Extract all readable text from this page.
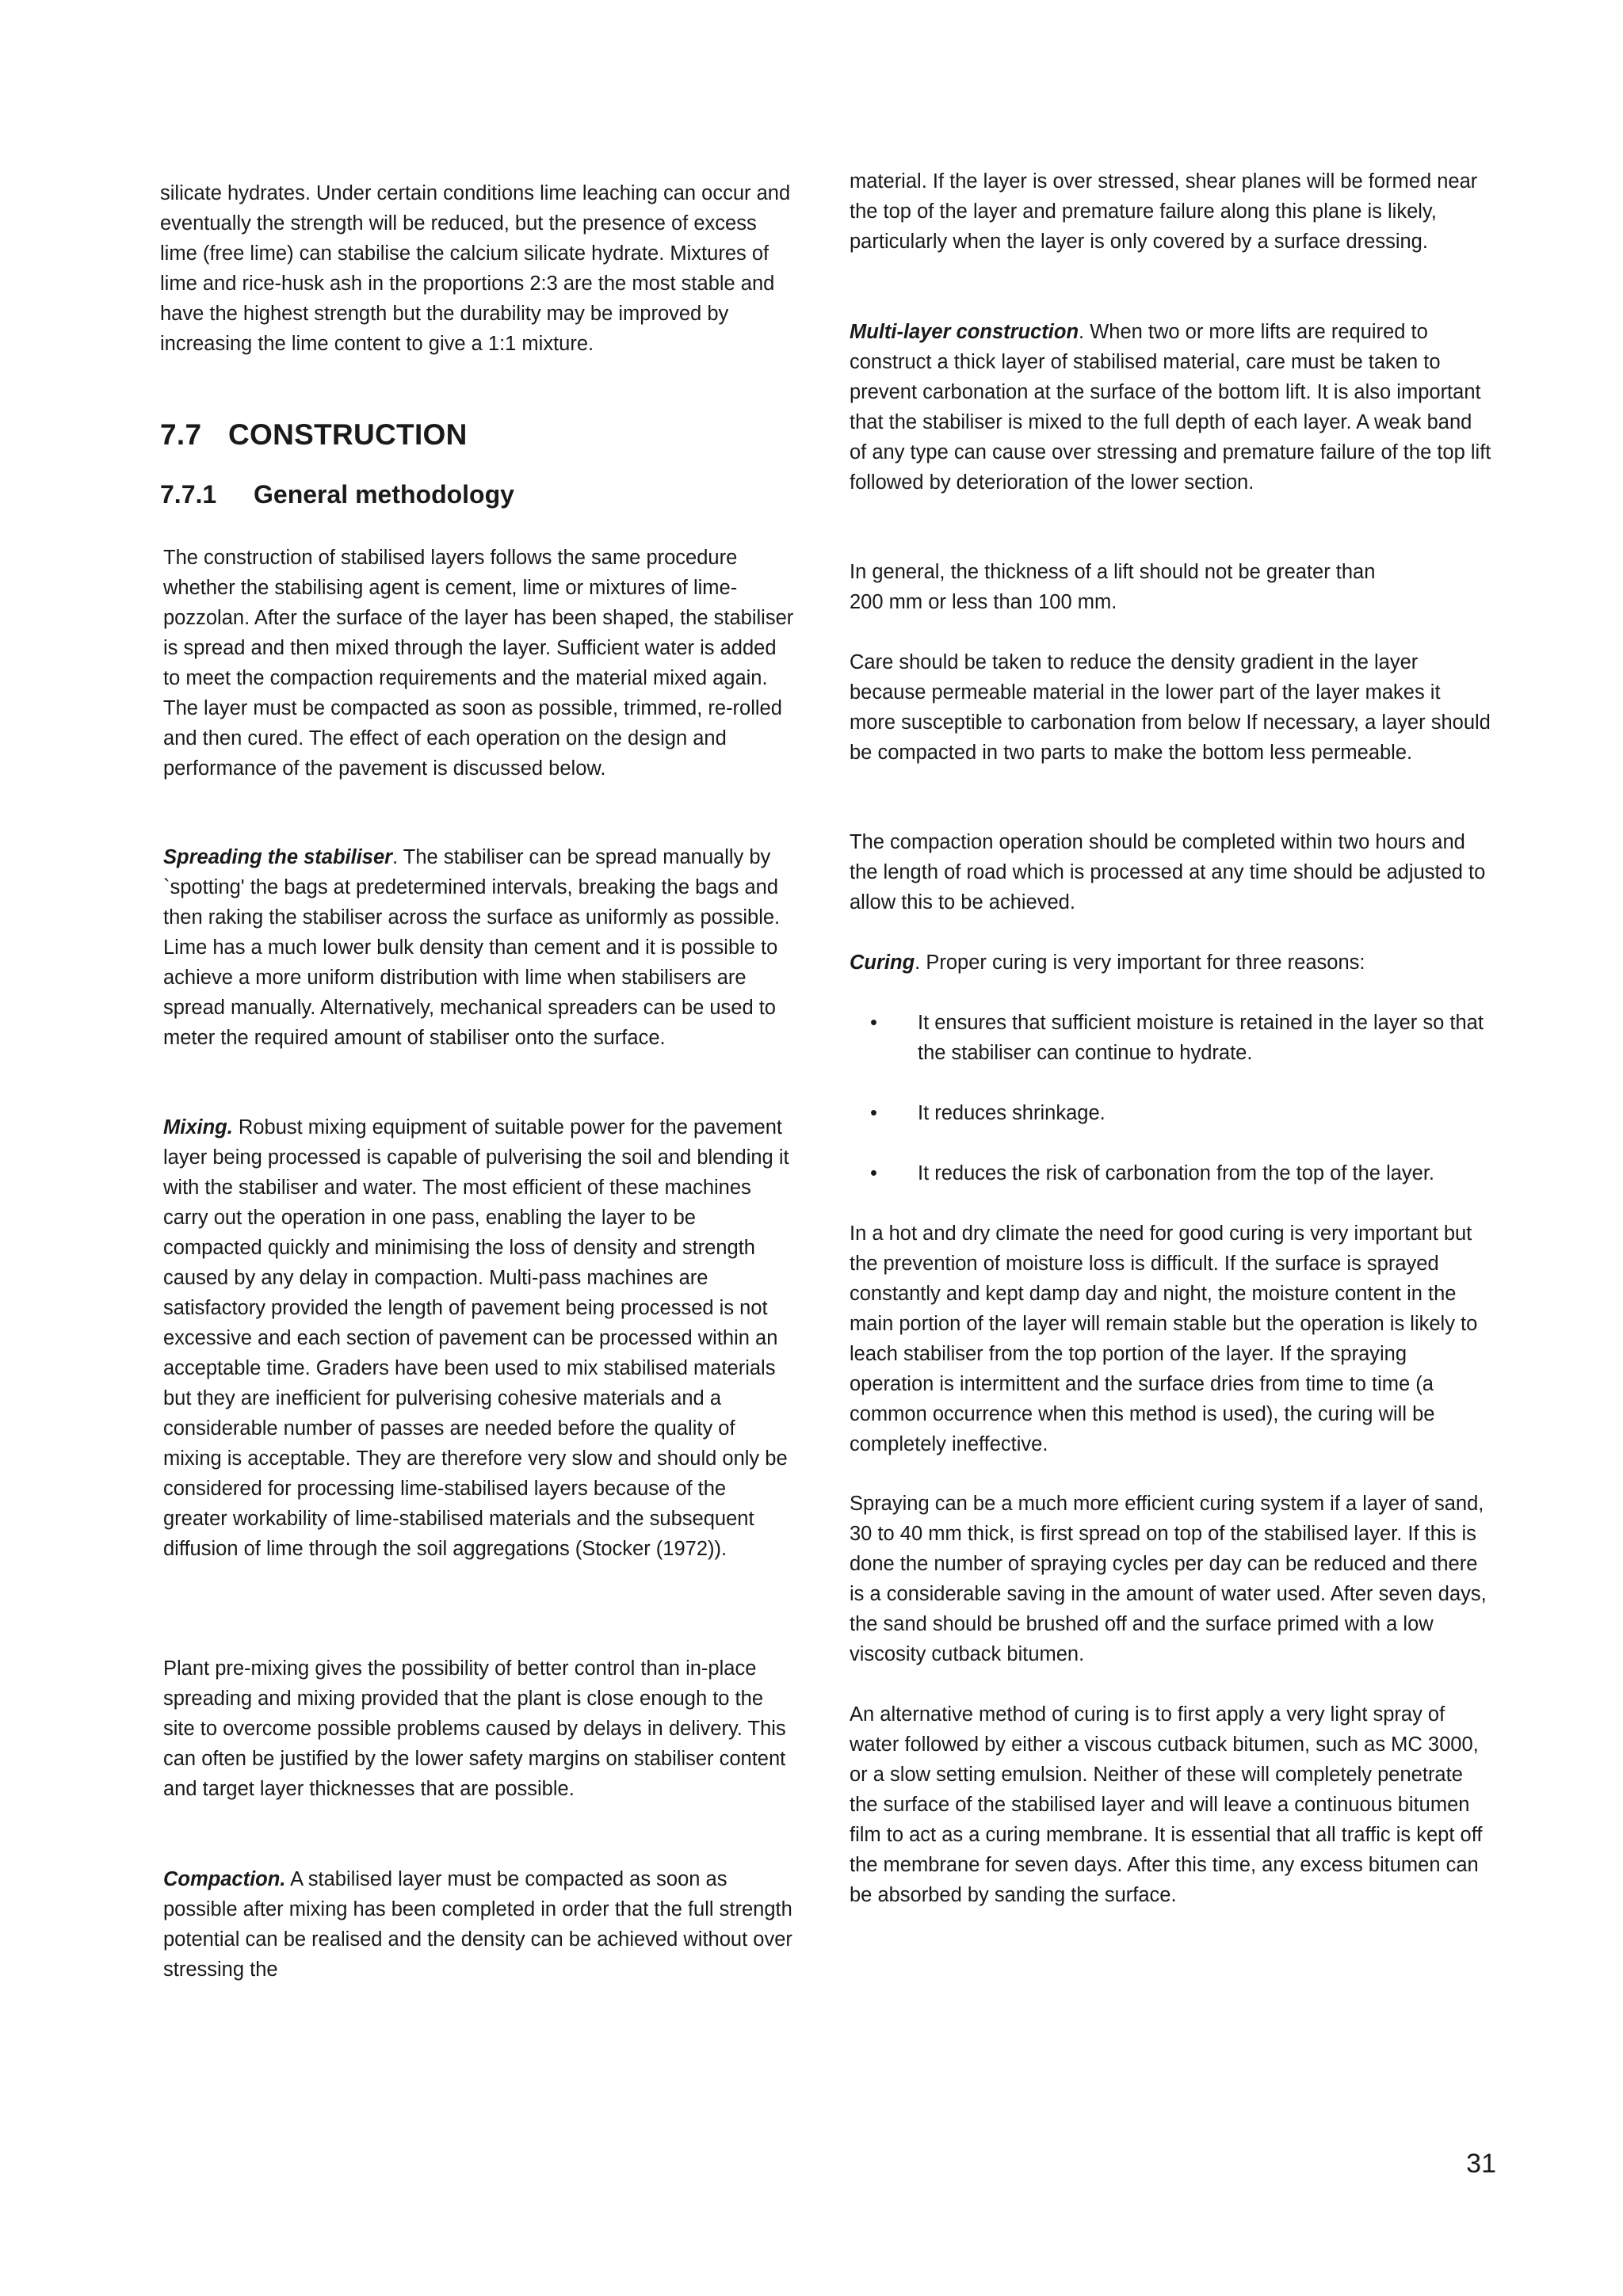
silicate hydrates. Under certain conditions lime leaching can occur and eventually the strength will be reduced, but the presence of excess lime (free lime) can stabilise the calcium silicate hydrate. Mixtures of lime and rice-husk ash in the proportions 2:3 are the most stable and have the highest strength but the durability may be improved by increasing the lime content to give a 1:1 mixture.

7.7 CONSTRUCTION
7.7.1 General methodology

The construction of stabilised layers follows the same procedure whether the stabilising agent is cement, lime or mixtures of lime-pozzolan. After the surface of the layer has been shaped, the stabiliser is spread and then mixed through the layer. Sufficient water is added to meet the compaction requirements and the material mixed again. The layer must be compacted as soon as possible, trimmed, re-rolled and then cured. The effect of each operation on the design and performance of the pavement is discussed below.

Spreading the stabiliser. The stabiliser can be spread manually by `spotting' the bags at predetermined intervals, breaking the bags and then raking the stabiliser across the surface as uniformly as possible. Lime has a much lower bulk density than cement and it is possible to achieve a more uniform distribution with lime when stabilisers are spread manually. Alternatively, mechanical spreaders can be used to meter the required amount of stabiliser onto the surface.

Mixing. Robust mixing equipment of suitable power for the pavement layer being processed is capable of pulverising the soil and blending it with the stabiliser and water. The most efficient of these machines carry out the operation in one pass, enabling the layer to be compacted quickly and minimising the loss of density and strength caused by any delay in compaction. Multi-pass machines are satisfactory provided the length of pavement being processed is not excessive and each section of pavement can be processed within an acceptable time. Graders have been used to mix stabilised materials but they are inefficient for pulverising cohesive materials and a considerable number of passes are needed before the quality of mixing is acceptable. They are therefore very slow and should only be considered for processing lime-stabilised layers because of the greater workability of lime-stabilised materials and the subsequent diffusion of lime through the soil aggregations (Stocker (1972)).

Plant pre-mixing gives the possibility of better control than in-place spreading and mixing provided that the plant is close enough to the site to overcome possible problems caused by delays in delivery. This can often be justified by the lower safety margins on stabiliser content and target layer thicknesses that are possible.

Compaction. A stabilised layer must be compacted as soon as possible after mixing has been completed in order that the full strength potential can be realised and the density can be achieved without over stressing the

material. If the layer is over stressed, shear planes will be formed near the top of the layer and premature failure along this plane is likely, particularly when the layer is only covered by a surface dressing.

Multi-layer construction. When two or more lifts are required to construct a thick layer of stabilised material, care must be taken to prevent carbonation at the surface of the bottom lift. It is also important that the stabiliser is mixed to the full depth of each layer. A weak band of any type can cause over stressing and premature failure of the top lift followed by deterioration of the lower section.

In general, the thickness of a lift should not be greater than 200 mm or less than 100 mm.

Care should be taken to reduce the density gradient in the layer because permeable material in the lower part of the layer makes it more susceptible to carbonation from below If necessary, a layer should be compacted in two parts to make the bottom less permeable.

The compaction operation should be completed within two hours and the length of road which is processed at any time should be adjusted to allow this to be achieved.

Curing. Proper curing is very important for three reasons:

• It ensures that sufficient moisture is retained in the layer so that the stabiliser can continue to hydrate.

• It reduces shrinkage.

• It reduces the risk of carbonation from the top of the layer.

In a hot and dry climate the need for good curing is very important but the prevention of moisture loss is difficult. If the surface is sprayed constantly and kept damp day and night, the moisture content in the main portion of the layer will remain stable but the operation is likely to leach stabiliser from the top portion of the layer. If the spraying operation is intermittent and the surface dries from time to time (a common occurrence when this method is used), the curing will be completely ineffective.

Spraying can be a much more efficient curing system if a layer of sand, 30 to 40 mm thick, is first spread on top of the stabilised layer. If this is done the number of spraying cycles per day can be reduced and there is a considerable saving in the amount of water used. After seven days, the sand should be brushed off and the surface primed with a low viscosity cutback bitumen.

An alternative method of curing is to first apply a very light spray of water followed by either a viscous cutback bitumen, such as MC 3000, or a slow setting emulsion. Neither of these will completely penetrate the surface of the stabilised layer and will leave a continuous bitumen film to act as a curing membrane. It is essential that all traffic is kept off the membrane for seven days. After this time, any excess bitumen can be absorbed by sanding the surface.

31
